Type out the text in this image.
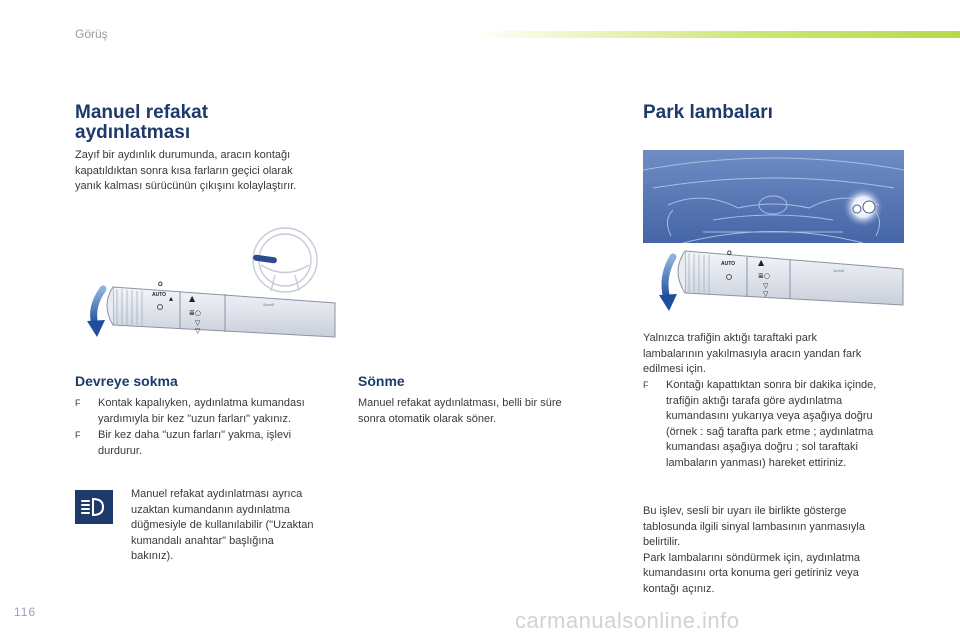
Görüş
Manuel refakat
aydınlatması

Zayıf bir aydınlık durumunda, aracın kontağı

kapatıldıktan sonra kısa farların geçici olarak

yanık kalması sürücünün çıkışını kolaylaştırır.

O
AUTO ▴ ▲
≣○
▽
▽
⇦⇨
Devreye sokma
F Kontak kapalıyken, aydınlatma kumandası
yardımıyla bir kez "uzun farları" yakınız.
F Bir kez daha "uzun farları" yakma, işlevi
durdurur.

Manuel refakat aydınlatması ayrıca

uzaktan kumandanın aydınlatma

düğmesiyle de kullanılabilir ("Uzaktan

kumandalı anahtar" başlığına

bakınız).

Sönme

Manuel refakat aydınlatması, belli bir süre

sonra otomatik olarak söner.

Park lambaları
O
AUTO	▲
≣○
▽
▽
⇦⇨

Yalnızca trafiğin aktığı taraftaki park

lambalarının yakılmasıyla aracın yandan fark

edilmesi için.

F Kontağı kapattıktan sonra bir dakika içinde,
trafiğin aktığı tarafa göre aydınlatma
kumandasını yukarıya veya aşağıya doğru
(örnek : sağ tarafta park etme ; aydınlatma
kumandası aşağıya doğru ; sol taraftaki
lambaların yanması) hareket ettiriniz.

Bu işlev, sesli bir uyarı ile birlikte gösterge

tablosunda ilgili sinyal lambasının yanmasıyla

belirtilir.

Park lambalarını söndürmek için, aydınlatma

kumandasını orta konuma geri getiriniz veya

kontağı açınız.

116	carmanualsonline.info
